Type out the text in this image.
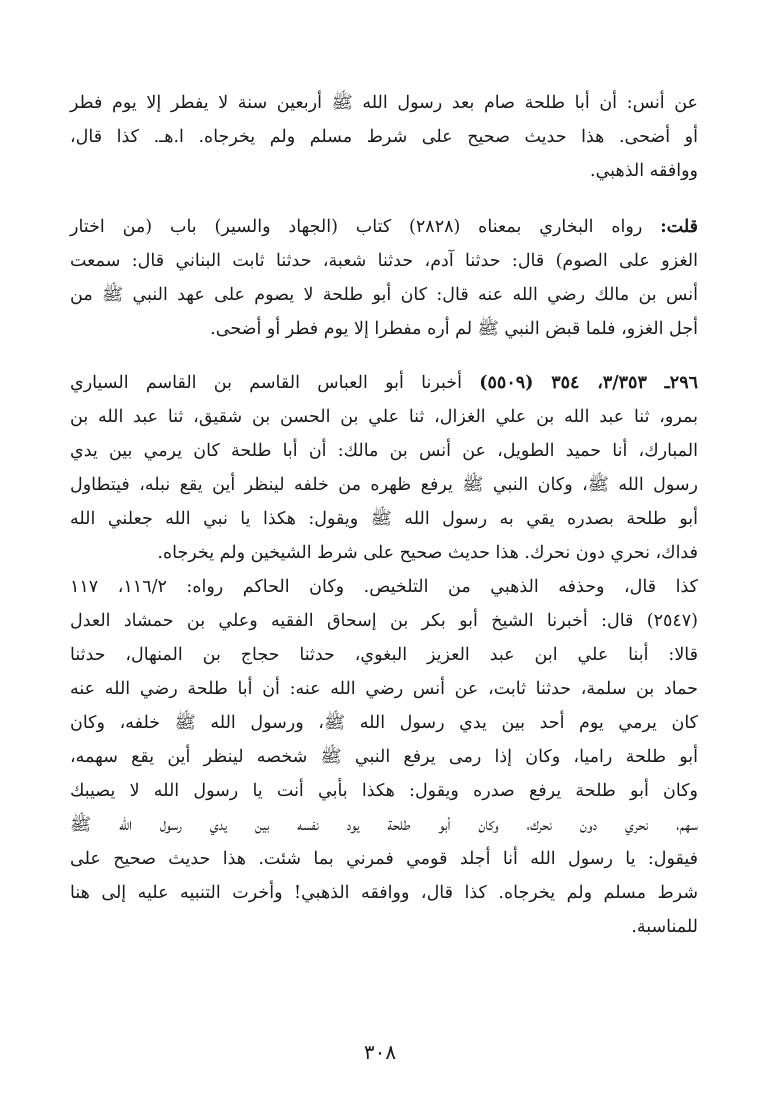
عن أنس: أن أبا طلحة صام بعد رسول الله ﷺ أربعين سنة لا يفطر إلا يوم فطر
أو أضحى. هذا حديث صحيح على شرط مسلم ولم يخرجاه. ا.هـ. كذا قال،
ووافقه الذهبي.
قلت: رواه البخاري بمعناه (٢٨٢٨) كتاب (الجهاد والسير) باب (من اختار
الغزو على الصوم) قال: حدثنا آدم، حدثنا شعبة، حدثنا ثابت البناني قال: سمعت
أنس بن مالك رضي الله عنه قال: كان أبو طلحة لا يصوم على عهد النبي ﷺ من
أجل الغزو، فلما قبض النبي ﷺ لم أره مفطرا إلا يوم فطر أو أضحى.
٢٩٦ـ ٣/٣٥٣، ٣٥٤ (٥٥٠٩) أخبرنا أبو العباس القاسم بن القاسم السياري
بمرو، ثنا عبد الله بن علي الغزال، ثنا علي بن الحسن بن شقيق، ثنا عبد الله بن
المبارك، أنا حميد الطويل، عن أنس بن مالك: أن أبا طلحة كان يرمي بين يدي
رسول الله ﷺ، وكان النبي ﷺ يرفع ظهره من خلفه لينظر أين يقع نبله، فيتطاول
أبو طلحة بصدره يقي به رسول الله ﷺ ويقول: هكذا يا نبي الله جعلني الله
فداك، نحري دون نحرك. هذا حديث صحيح على شرط الشيخين ولم يخرجاه.
كذا قال، وحذفه الذهبي من التلخيص. وكان الحاكم رواه: ١١٦/٢، ١١٧
(٢٥٤٧) قال: أخبرنا الشيخ أبو بكر بن إسحاق الفقيه وعلي بن حمشاد العدل
قالا: أبنا علي ابن عبد العزيز البغوي، حدثنا حجاج بن المنهال، حدثنا
حماد بن سلمة، حدثنا ثابت، عن أنس رضي الله عنه: أن أبا طلحة رضي الله عنه
كان يرمي يوم أحد بين يدي رسول الله ﷺ، ورسول الله ﷺ خلفه، وكان
أبو طلحة راميا، وكان إذا رمى يرفع النبي ﷺ شخصه لينظر أين يقع سهمه،
وكان أبو طلحة يرفع صدره ويقول: هكذا بأبي أنت يا رسول الله لا يصيبك
سهم، نحري دون نحرك، وكان أبو طلحة يود نفسه بين يدي رسول الله ﷺ
فيقول: يا رسول الله أنا أجلد قومي فمرني بما شئت. هذا حديث صحيح على
شرط مسلم ولم يخرجاه. كذا قال، ووافقه الذهبي! وأخرت التنبيه عليه إلى هنا
للمناسبة.
٣٠٨
